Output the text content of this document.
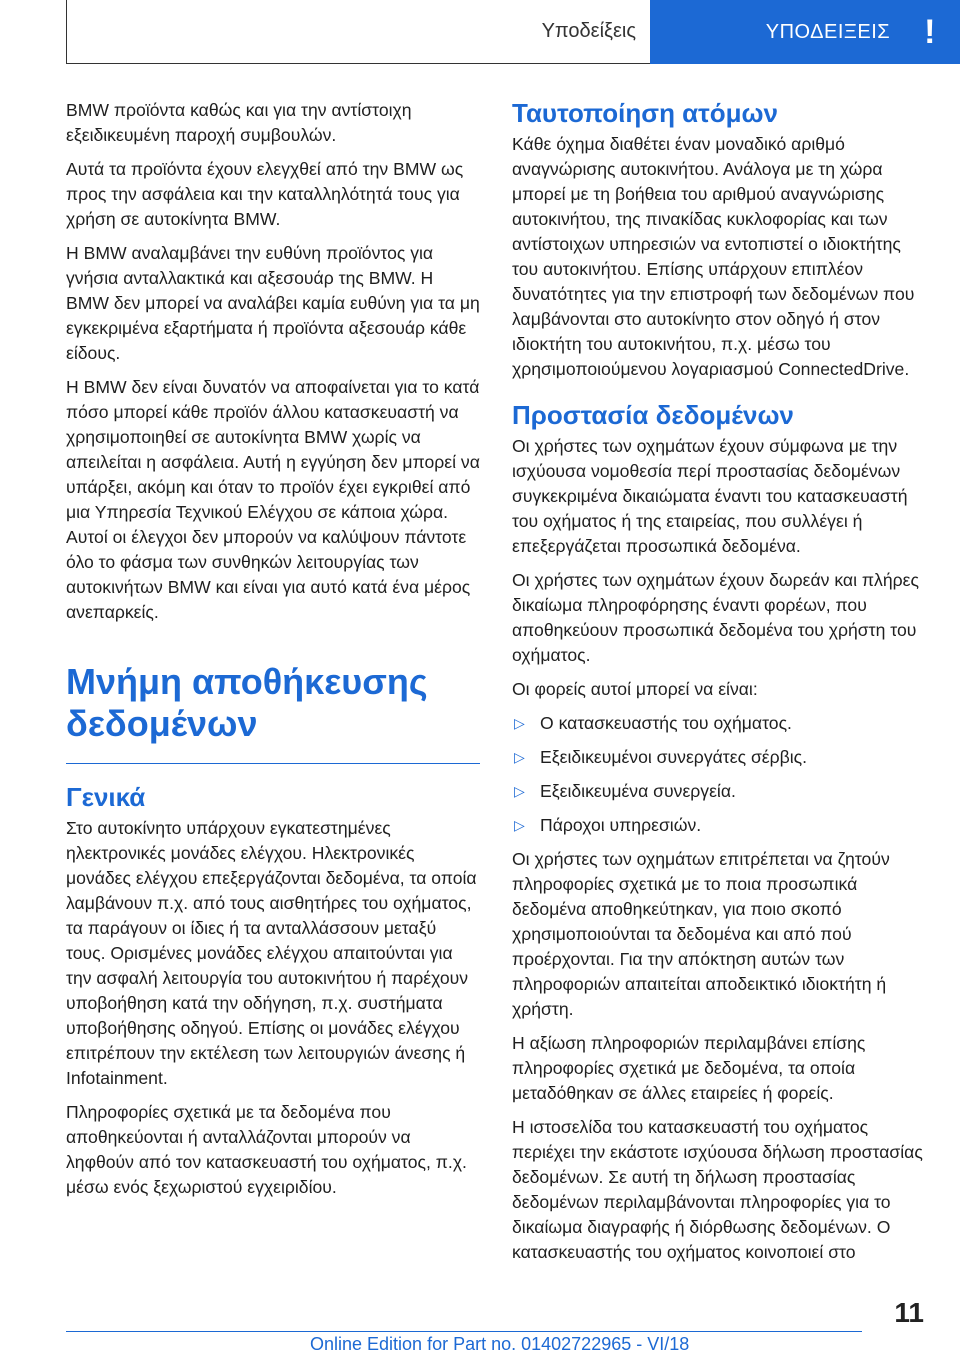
Υποδείξεις	ΥΠΟΔΕΙΞΕΙΣ !

BMW προϊόντα καθώς και για την αντίστοιχη εξειδικευμένη παροχή συμβουλών.

Αυτά τα προϊόντα έχουν ελεγχθεί από την BMW ως προς την ασφάλεια και την καταλληλότητά τους για χρήση σε αυτοκίνητα BMW.

Η BMW αναλαμβάνει την ευθύνη προϊόντος για γνήσια ανταλλακτικά και αξεσουάρ της BMW. Η BMW δεν μπορεί να αναλάβει καμία ευθύνη για τα μη εγκεκριμένα εξαρτήματα ή προϊόντα αξεσουάρ κάθε είδους.

Η BMW δεν είναι δυνατόν να αποφαίνεται για το κατά πόσο μπορεί κάθε προϊόν άλλου κατασκευαστή να χρησιμοποιηθεί σε αυτοκίνητα BMW χωρίς να απειλείται η ασφάλεια. Αυτή η εγγύηση δεν μπορεί να υπάρξει, ακόμη και όταν το προϊόν έχει εγκριθεί από μια Υπηρεσία Τεχνικού Ελέγχου σε κάποια χώρα. Αυτοί οι έλεγχοι δεν μπορούν να καλύψουν πάντοτε όλο το φάσμα των συνθηκών λειτουργίας των αυτοκινήτων BMW και είναι για αυτό κατά ένα μέρος ανεπαρκείς.

Μνήμη αποθήκευσης δεδομένων
Γενικά

Στο αυτοκίνητο υπάρχουν εγκατεστημένες ηλεκτρονικές μονάδες ελέγχου. Ηλεκτρονικές μονάδες ελέγχου επεξεργάζονται δεδομένα, τα οποία λαμβάνουν π.χ. από τους αισθητήρες του οχήματος, τα παράγουν οι ίδιες ή τα ανταλλάσσουν μεταξύ τους. Ορισμένες μονάδες ελέγχου απαιτούνται για την ασφαλή λειτουργία του αυτοκινήτου ή παρέχουν υποβοήθηση κατά την οδήγηση, π.χ. συστήματα υποβοήθησης οδηγού. Επίσης οι μονάδες ελέγχου επιτρέπουν την εκτέλεση των λειτουργιών άνεσης ή Infotainment.

Πληροφορίες σχετικά με τα δεδομένα που αποθηκεύονται ή ανταλλάζονται μπορούν να ληφθούν από τον κατασκευαστή του οχήματος, π.χ. μέσω ενός ξεχωριστού εγχειριδίου.

Ταυτοποίηση ατόμων

Κάθε όχημα διαθέτει έναν μοναδικό αριθμό αναγνώρισης αυτοκινήτου. Ανάλογα με τη χώρα μπορεί με τη βοήθεια του αριθμού αναγνώρισης αυτοκινήτου, της πινακίδας κυκλοφορίας και των αντίστοιχων υπηρεσιών να εντοπιστεί ο ιδιοκτήτης του αυτοκινήτου. Επίσης υπάρχουν επιπλέον δυνατότητες για την επιστροφή των δεδομένων που λαμβάνονται στο αυτοκίνητο στον οδηγό ή στον ιδιοκτήτη του αυτοκινήτου, π.χ. μέσω του χρησιμοποιούμενου λογαριασμού ConnectedDrive.

Προστασία δεδομένων

Οι χρήστες των οχημάτων έχουν σύμφωνα με την ισχύουσα νομοθεσία περί προστασίας δεδομένων συγκεκριμένα δικαιώματα έναντι του κατασκευαστή του οχήματος ή της εταιρείας, που συλλέγει ή επεξεργάζεται προσωπικά δεδομένα.

Οι χρήστες των οχημάτων έχουν δωρεάν και πλήρες δικαίωμα πληροφόρησης έναντι φορέων, που αποθηκεύουν προσωπικά δεδομένα του χρήστη του οχήματος.

Οι φορείς αυτοί μπορεί να είναι:

▷ Ο κατασκευαστής του οχήματος.
▷ Εξειδικευμένοι συνεργάτες σέρβις.
▷ Εξειδικευμένα συνεργεία.
▷ Πάροχοι υπηρεσιών.

Οι χρήστες των οχημάτων επιτρέπεται να ζητούν πληροφορίες σχετικά με το ποια προσωπικά δεδομένα αποθηκεύτηκαν, για ποιο σκοπό χρησιμοποιούνται τα δεδομένα και από πού προέρχονται. Για την απόκτηση αυτών των πληροφοριών απαιτείται αποδεικτικό ιδιοκτήτη ή χρήστη.

Η αξίωση πληροφοριών περιλαμβάνει επίσης πληροφορίες σχετικά με δεδομένα, τα οποία μεταδόθηκαν σε άλλες εταιρείες ή φορείς.

Η ιστοσελίδα του κατασκευαστή του οχήματος περιέχει την εκάστοτε ισχύουσα δήλωση προστασίας δεδομένων. Σε αυτή τη δήλωση προστασίας δεδομένων περιλαμβάνονται πληροφορίες για το δικαίωμα διαγραφής ή διόρθωσης δεδομένων. Ο κατασκευαστής του οχήματος κοινοποιεί στο

11
Online Edition for Part no. 01402722965 - VI/18
